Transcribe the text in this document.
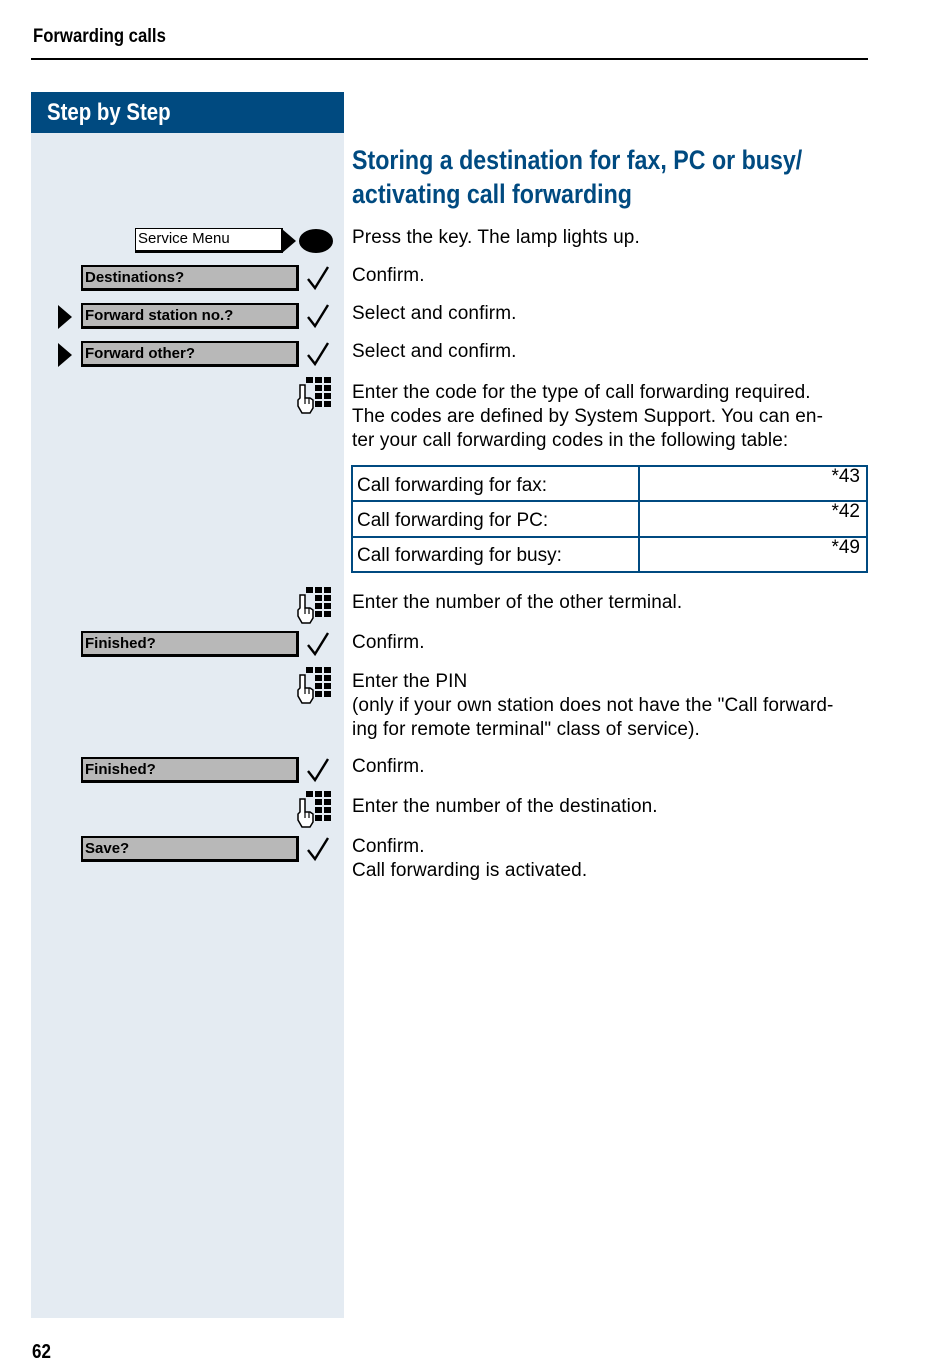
Forwarding calls
Step by Step
Storing a destination for fax, PC or busy/
activating call forwarding
Service Menu	Press the key. The lamp lights up.
Destinations?	Confirm.
Forward station no.?	Select and confirm.
Forward other?	Select and confirm.
Enter the code for the type of call forwarding required.
The codes are defined by System Support. You can en-
ter your call forwarding codes in the following table:
Call forwarding for fax:	*43
Call forwarding for PC:	*42
Call forwarding for busy:	*49
Enter the number of the other terminal.
Finished?	Confirm.
Enter the PIN
(only if your own station does not have the "Call forward-
ing for remote terminal" class of service).
Finished?	Confirm.
Enter the number of the destination.
Save?	Confirm.
Call forwarding is activated.
62
